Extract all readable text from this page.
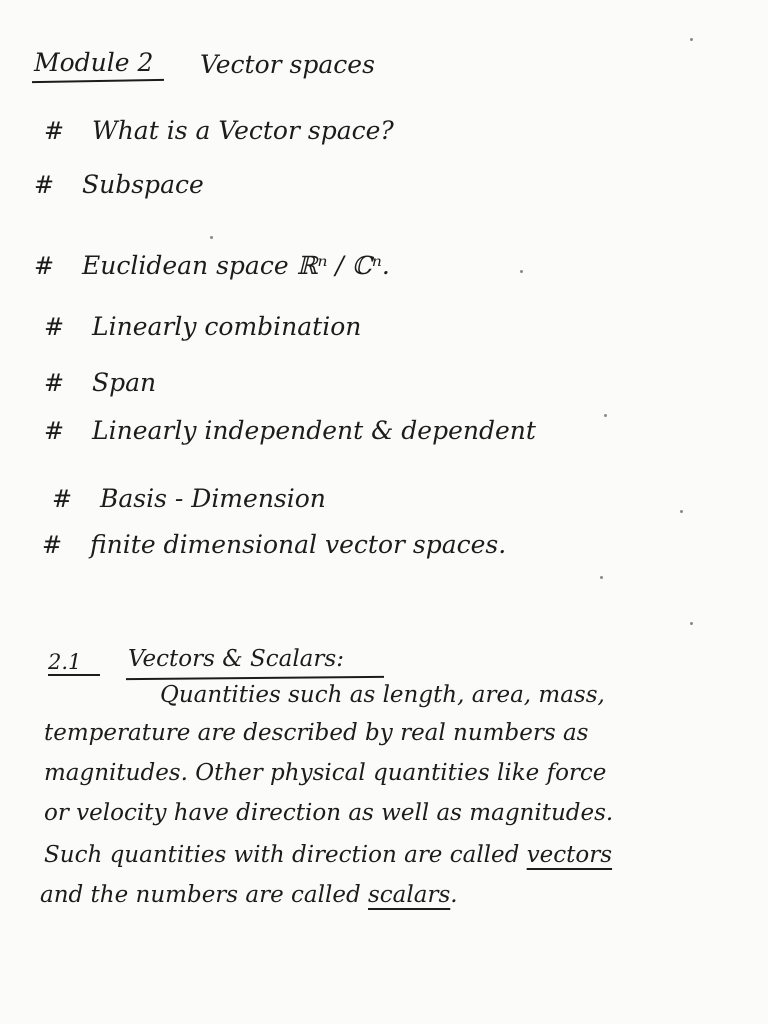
Module 2 Vector spaces
# What is a Vector space?
# Subspace
# Euclidean space ℝⁿ / ℂⁿ.
# Linearly combination
# Span
# Linearly independent & dependent
# Basis - Dimension
# finite dimensional vector spaces.
2.1 Vectors & Scalars:
Quantities such as length, area, mass,
temperature are described by real numbers as
magnitudes. Other physical quantities like force
or velocity have direction as well as magnitudes.
Such quantities with direction are called vectors
and the numbers are called scalars.
